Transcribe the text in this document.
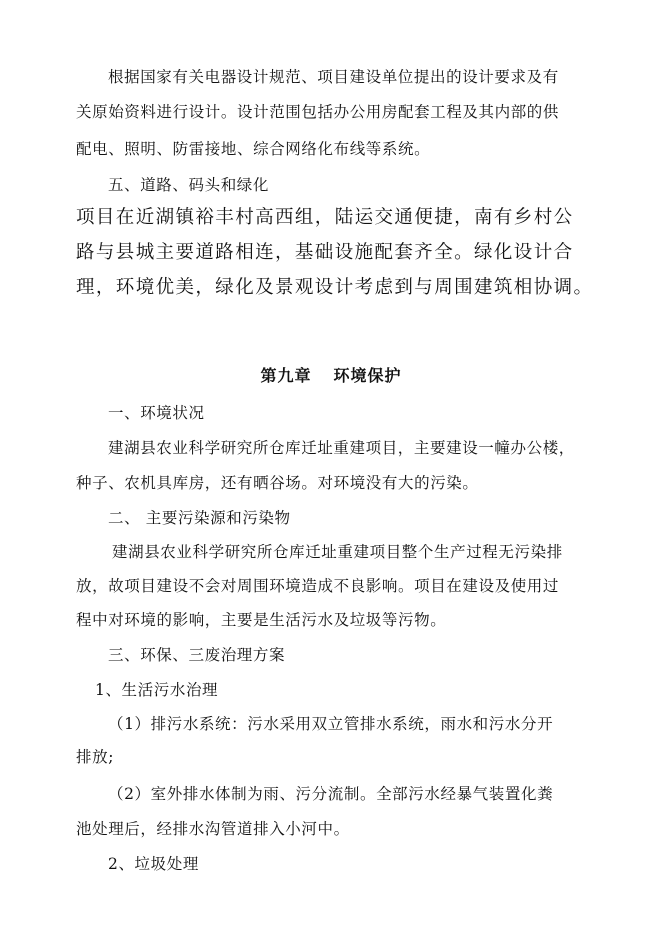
根据国家有关电器设计规范、项目建设单位提出的设计要求及有

关原始资料进行设计。设计范围包括办公用房配套工程及其内部的供

配电、照明、防雷接地、综合网络化布线等系统。

五、道路、码头和绿化

项目在近湖镇裕丰村高西组，陆运交通便捷，南有乡村公

路与县城主要道路相连，基础设施配套齐全。绿化设计合

理，环境优美，绿化及景观设计考虑到与周围建筑相协调。

第九章 环境保护

一、环境状况

建湖县农业科学研究所仓库迁址重建项目，主要建设一幢办公楼，

种子、农机具库房，还有晒谷场。对环境没有大的污染。

二、 主要污染源和污染物

建湖县农业科学研究所仓库迁址重建项目整个生产过程无污染排

放，故项目建设不会对周围环境造成不良影响。项目在建设及使用过

程中对环境的影响，主要是生活污水及垃圾等污物。

三、环保、三废治理方案

1、生活污水治理

（1）排污水系统：污水采用双立管排水系统，雨水和污水分开

排放;

（2）室外排水体制为雨、污分流制。全部污水经暴气装置化粪

池处理后，经排水沟管道排入小河中。

2、垃圾处理
